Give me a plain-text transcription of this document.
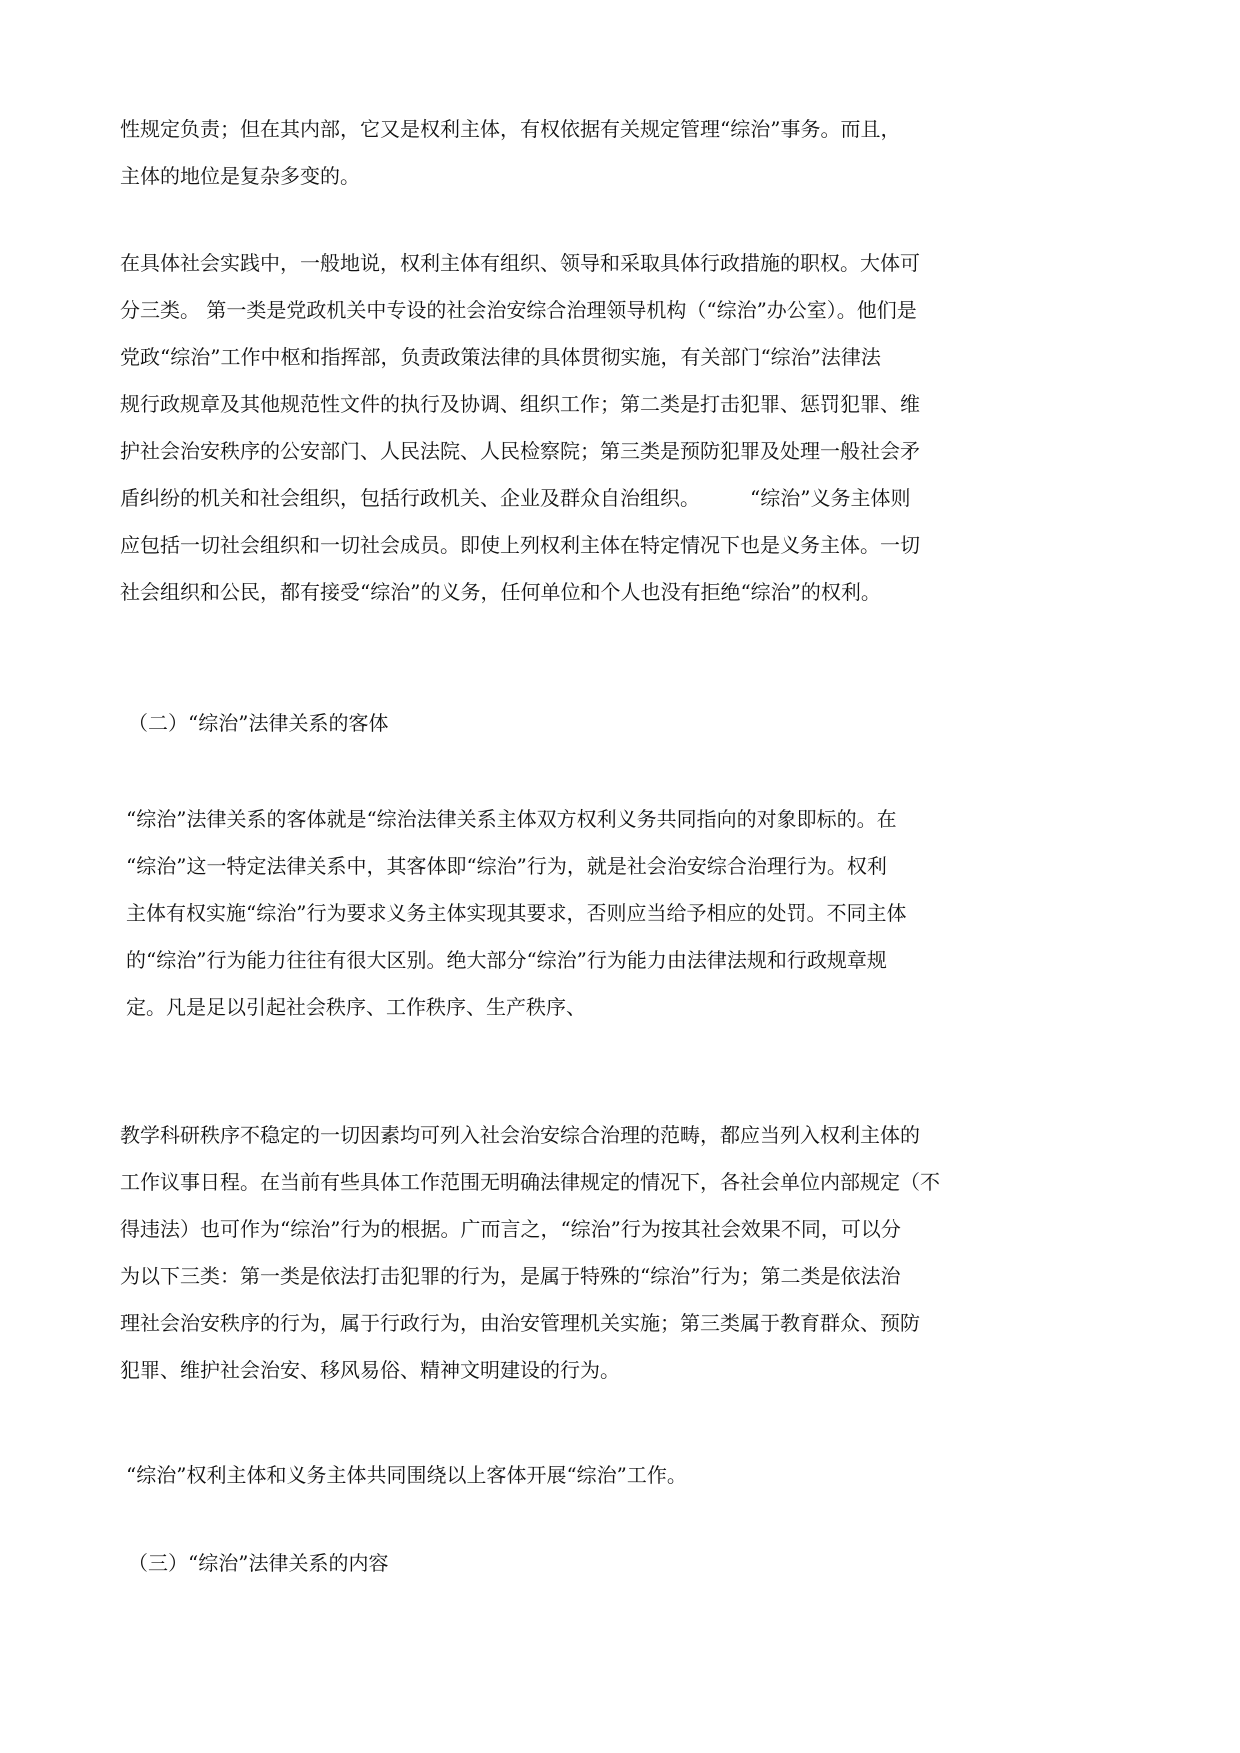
性规定负责；但在其内部，它又是权利主体，有权依据有关规定管理“综治”事务。而且，
主体的地位是复杂多变的。

在具体社会实践中，一般地说，权利主体有组织、领导和采取具体行政措施的职权。大体可
分三类。 第一类是党政机关中专设的社会治安综合治理领导机构（“综治”办公室）。他们是
党政“综治”工作中枢和指挥部，负责政策法律的具体贯彻实施，有关部门“综治”法律法
规行政规章及其他规范性文件的执行及协调、组织工作；第二类是打击犯罪、惩罚犯罪、维
护社会治安秩序的公安部门、人民法院、人民检察院；第三类是预防犯罪及处理一般社会矛
盾纠纷的机关和社会组织，包括行政机关、企业及群众自治组织。　　　“综治”义务主体则
应包括一切社会组织和一切社会成员。即使上列权利主体在特定情况下也是义务主体。一切
社会组织和公民，都有接受“综治”的义务，任何单位和个人也没有拒绝“综治”的权利。

（二）“综治”法律关系的客体

“综治”法律关系的客体就是“综治法律关系主体双方权利义务共同指向的对象即标的。在
“综治”这一特定法律关系中，其客体即“综治”行为，就是社会治安综合治理行为。权利
主体有权实施“综治”行为要求义务主体实现其要求，否则应当给予相应的处罚。不同主体
的“综治”行为能力往往有很大区别。绝大部分“综治”行为能力由法律法规和行政规章规
定。凡是足以引起社会秩序、工作秩序、生产秩序、

教学科研秩序不稳定的一切因素均可列入社会治安综合治理的范畴，都应当列入权利主体的
工作议事日程。在当前有些具体工作范围无明确法律规定的情况下，各社会单位内部规定（不
得违法）也可作为“综治”行为的根据。广而言之，“综治”行为按其社会效果不同，可以分
为以下三类：第一类是依法打击犯罪的行为，是属于特殊的“综治”行为；第二类是依法治
理社会治安秩序的行为，属于行政行为，由治安管理机关实施；第三类属于教育群众、预防
犯罪、维护社会治安、移风易俗、精神文明建设的行为。

“综治”权利主体和义务主体共同围绕以上客体开展“综治”工作。

（三）“综治”法律关系的内容
